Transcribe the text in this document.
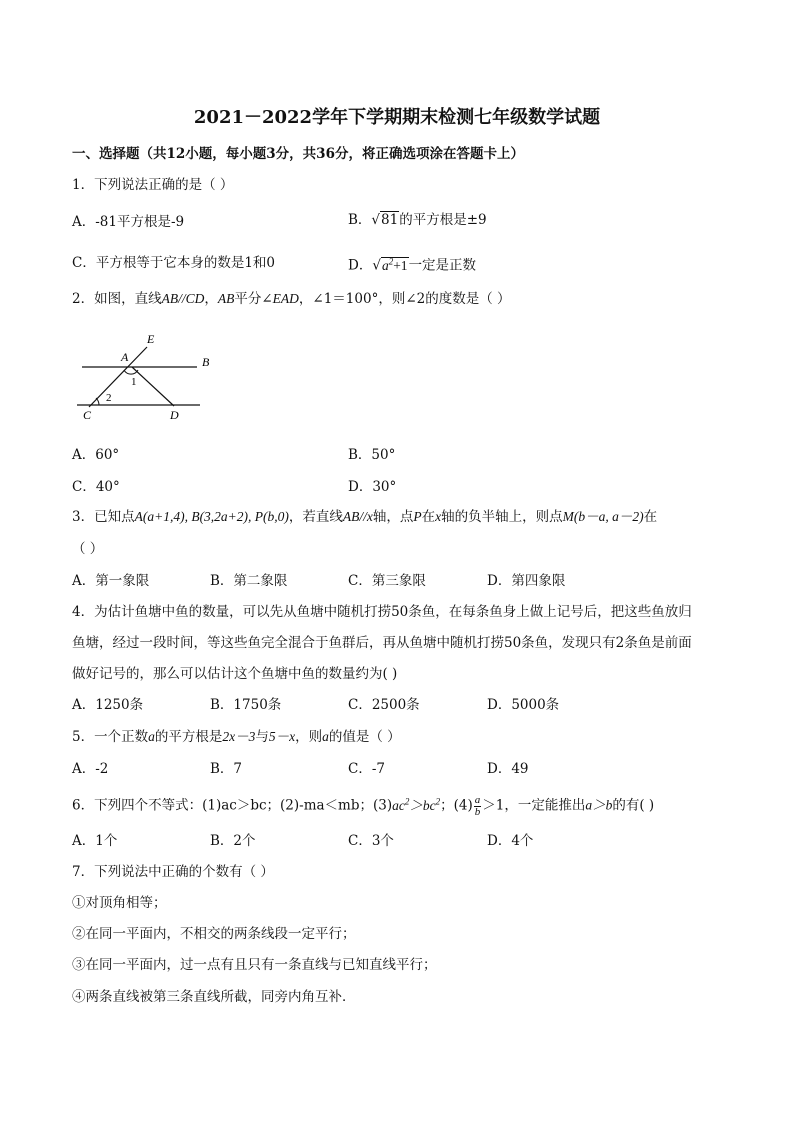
2021－2022学年下学期期末检测七年级数学试题
一、选择题（共12小题，每小题3分，共36分，将正确选项涂在答题卡上）
1．下列说法正确的是（ ）
A．-81平方根是-9	B．√81的平方根是±9
C．平方根等于它本身的数是1和0	D．$√a^2+1$一定是正数
2．如图，直线AB//CD，AB平分∠EAD，∠1＝100°，则∠2的度数是（ ）
E
A	B
1
2
C	D
A．60°	B．50°
C．40°	D．30°
3．已知点A(a+1,4), B(3,2a+2), P(b,0)，若直线AB//x轴，点P在x轴的负半轴上，则点M(b－a, a－2)在
（ ）
A．第一象限	B．第二象限	C．第三象限	D．第四象限
4．为估计鱼塘中鱼的数量，可以先从鱼塘中随机打捞50条鱼，在每条鱼身上做上记号后，把这些鱼放归
鱼塘，经过一段时间，等这些鱼完全混合于鱼群后，再从鱼塘中随机打捞50条鱼，发现只有2条鱼是前面
做好记号的，那么可以估计这个鱼塘中鱼的数量约为( )
A．1250条	B．1750条	C．2500条	D．5000条
5．一个正数a的平方根是2x－3与5－x，则a的值是（ ）
A．-2	B．7	C．-7	D．49
6．下列四个不等式：(1)ac＞bc；(2)-ma＜mb；$(3)ac^2>bc^2$；$(4) \frac{a}{b} >1$，一定能推出a＞b的有( )
A．1个	B．2个	C．3个	D．4个
7．下列说法中正确的个数有（ ）
①对顶角相等；
②在同一平面内，不相交的两条线段一定平行；
③在同一平面内，过一点有且只有一条直线与已知直线平行；
④两条直线被第三条直线所截，同旁内角互补．
